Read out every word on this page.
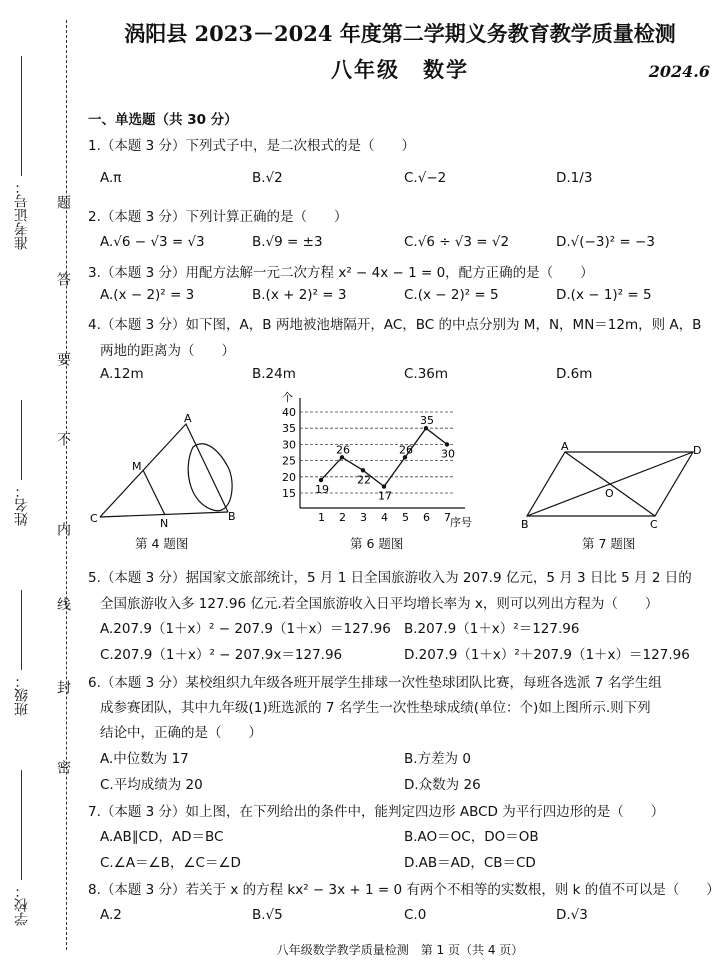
准考证号：
姓名：
班级：
学校：
题
答
要
不
内
线
封
密
涡阳县 2023－2024 年度第二学期义务教育教学质量检测
八年级　数学	2024.6
一、单选题（共 30 分）
1.（本题 3 分）下列式子中，是二次根式的是（　　）
A.π	B.√2	C.√−2	D.1/3
2.（本题 3 分）下列计算正确的是（　　）
A.√6 − √3 = √3	B.√9 = ±3	C.√6 ÷ √3 = √2	D.√(−3)² = −3
3.（本题 3 分）用配方法解一元二次方程 x² − 4x − 1 = 0，配方正确的是（　　）
A.(x − 2)² = 3	B.(x + 2)² = 3	C.(x − 2)² = 5	D.(x − 1)² = 5
4.（本题 3 分）如下图，A，B 两地被池塘隔开，AC，BC 的中点分别为 M，N，MN＝12m，则 A，B
两地的距离为（　　）
A.12m	B.24m	C.36m	D.6m
A
M
C	N
B
第 4 题图
15
20
25
30
35
40
1 2 3 4 5 6 7
19
26
22
17
26
35
30
个
序号
第 6 题图
A	D
O
B	C
第 7 题图
5.（本题 3 分）据国家文旅部统计，5 月 1 日全国旅游收入为 207.9 亿元，5 月 3 日比 5 月 2 日的
全国旅游收入多 127.96 亿元.若全国旅游收入日平均增长率为 x，则可以列出方程为（　　）
A.207.9（1＋x）² − 207.9（1＋x）＝127.96 B.207.9（1＋x）²＝127.96
C.207.9（1＋x）² − 207.9x＝127.96	D.207.9（1＋x）²＋207.9（1＋x）＝127.96
6.（本题 3 分）某校组织九年级各班开展学生排球一次性垫球团队比赛，每班各选派 7 名学生组
成参赛团队，其中九年级(1)班选派的 7 名学生一次性垫球成绩(单位：个)如上图所示.则下列
结论中，正确的是（　　）
A.中位数为 17	B.方差为 0
C.平均成绩为 20	D.众数为 26
7.（本题 3 分）如上图，在下列给出的条件中，能判定四边形 ABCD 为平行四边形的是（　　）
A.AB∥CD，AD＝BC	B.AO＝OC，DO＝OB
C.∠A＝∠B，∠C＝∠D	D.AB＝AD，CB＝CD
8.（本题 3 分）若关于 x 的方程 kx² − 3x + 1 = 0 有两个不相等的实数根，则 k 的值不可以是（　　）
A.2	B.√5	C.0	D.√3
八年级数学教学质量检测　第 1 页（共 4 页）
